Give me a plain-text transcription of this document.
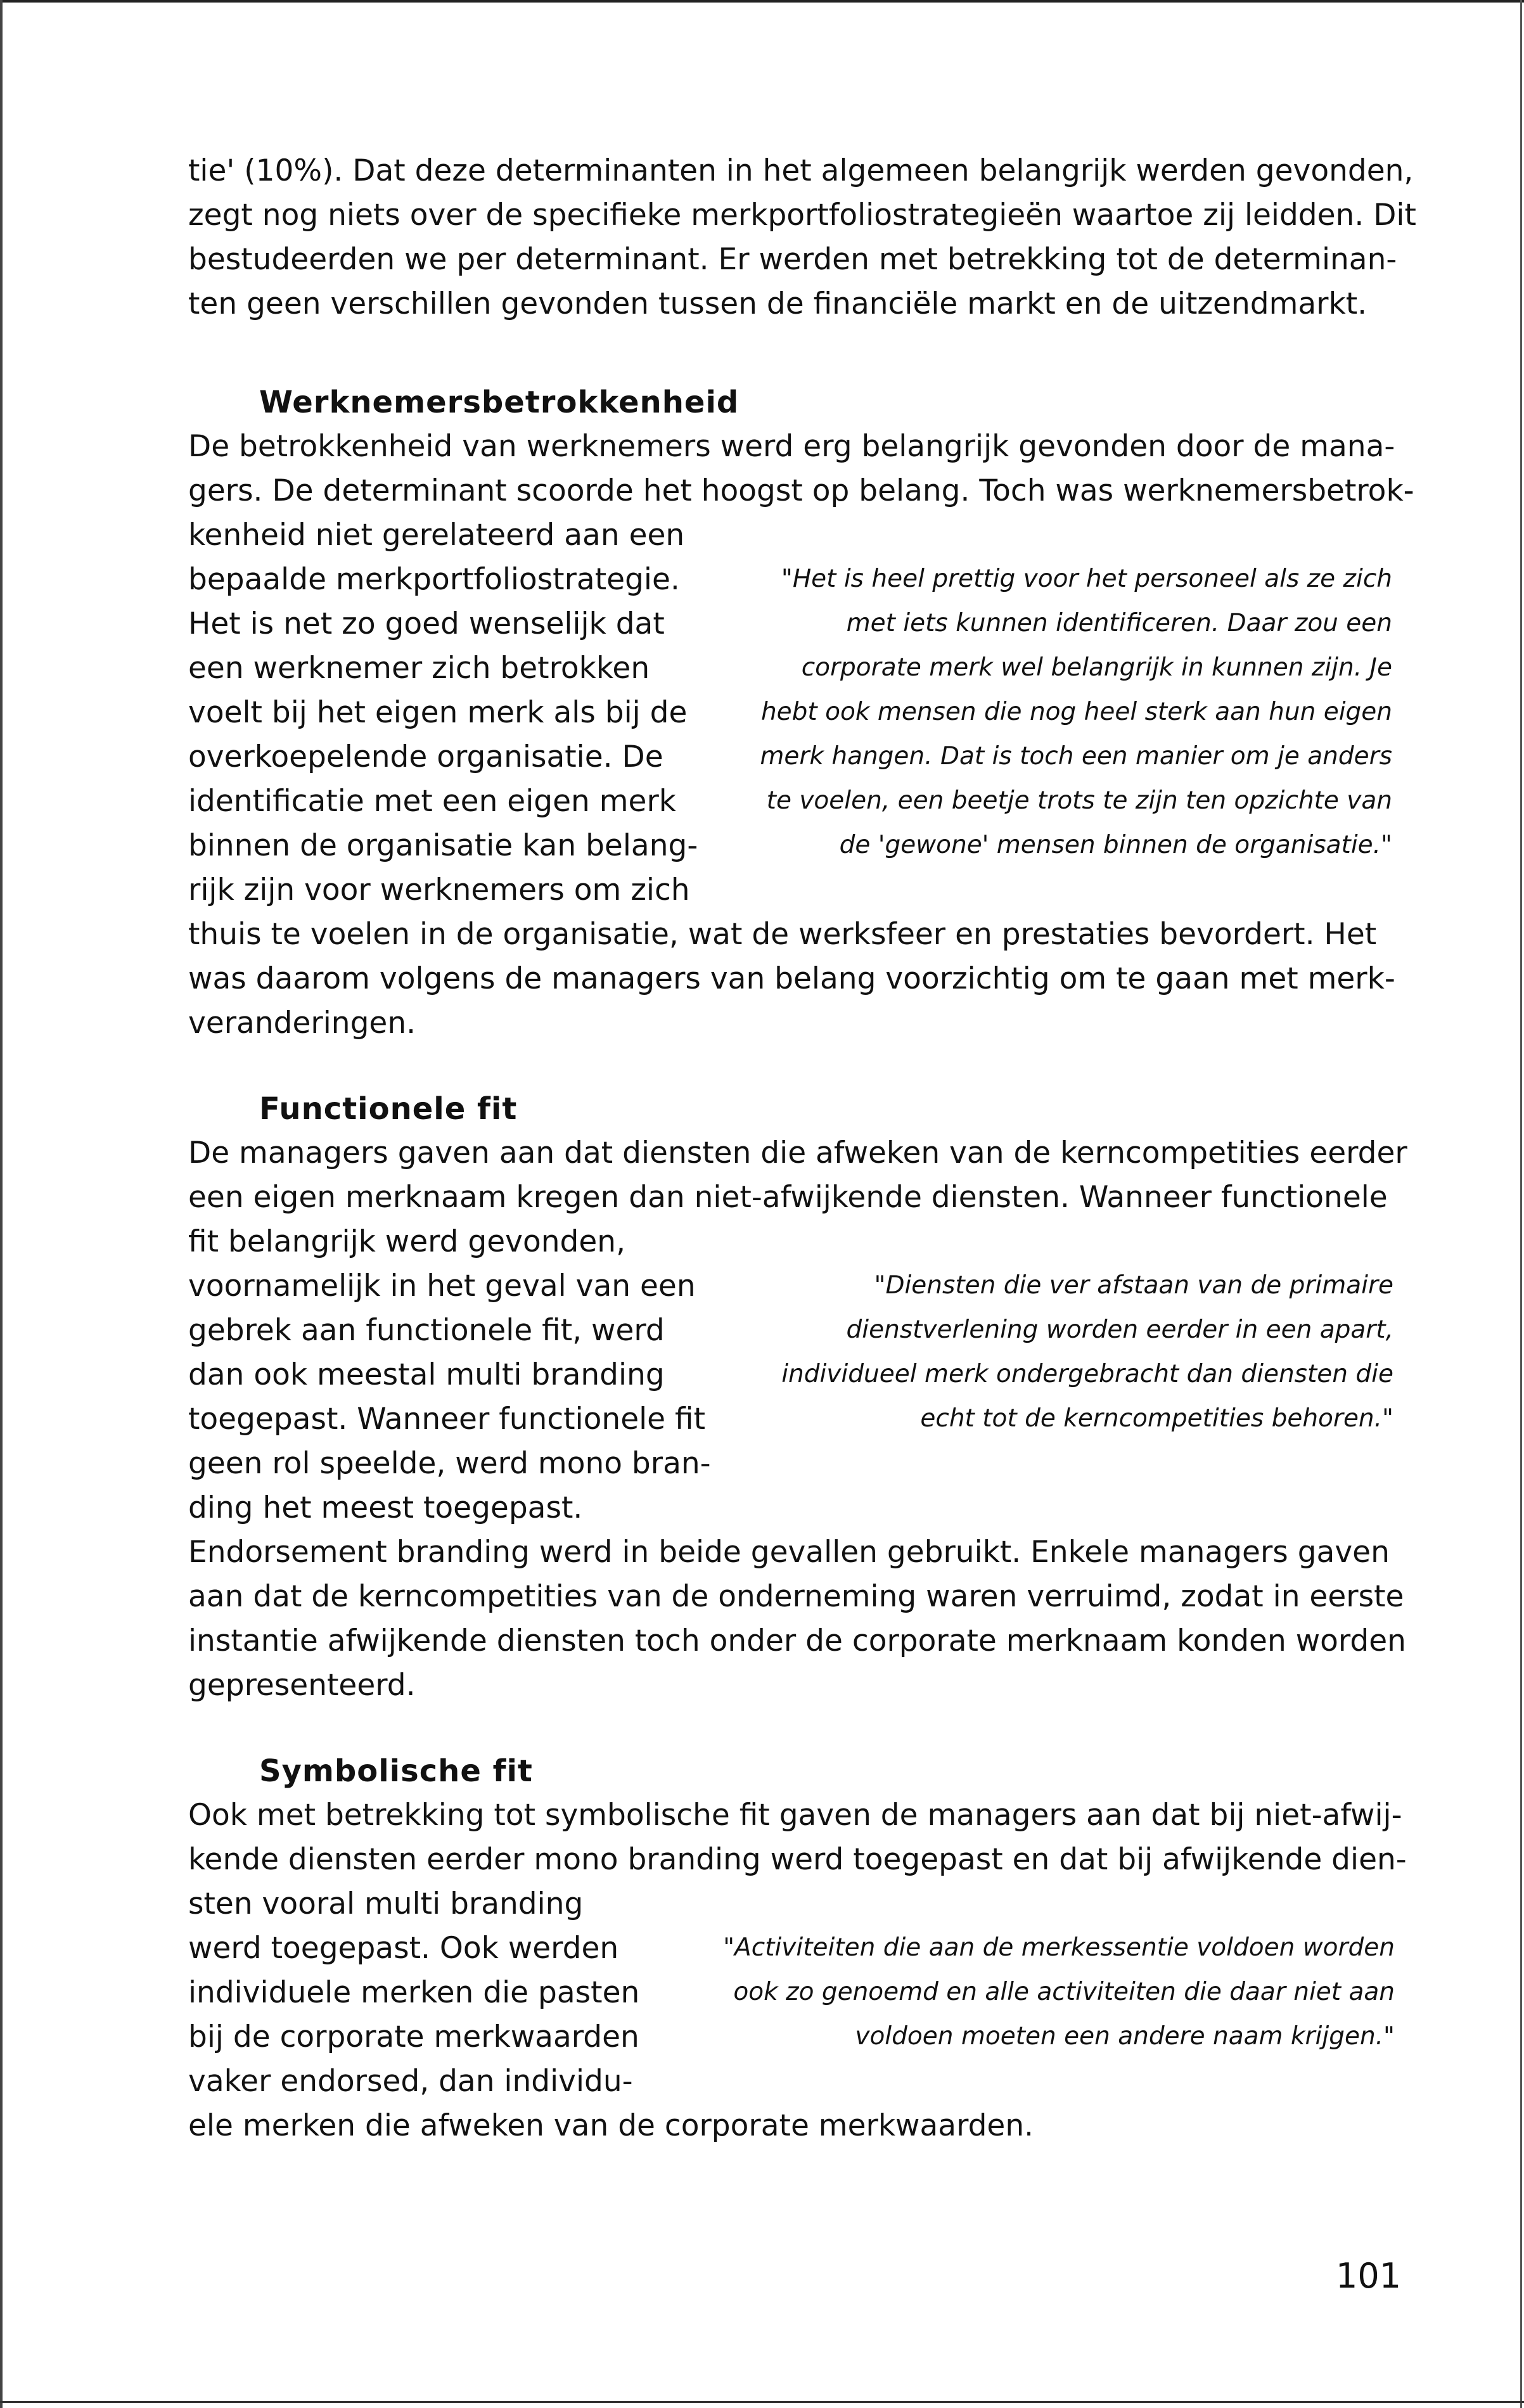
tie' (10%). Dat deze determinanten in het algemeen belangrijk werden gevonden,
zegt nog niets over de specifieke merkportfoliostrategieën waartoe zij leidden. Dit
bestudeerden we per determinant. Er werden met betrekking tot de determinan-
ten geen verschillen gevonden tussen de financiële markt en de uitzendmarkt.
Werknemersbetrokkenheid
De betrokkenheid van werknemers werd erg belangrijk gevonden door de mana-
gers. De determinant scoorde het hoogst op belang. Toch was werknemersbetrok-
kenheid niet gerelateerd aan een
bepaalde merkportfoliostrategie.
Het is net zo goed wenselijk dat
een werknemer zich betrokken
voelt bij het eigen merk als bij de
overkoepelende organisatie. De
identificatie met een eigen merk
binnen de organisatie kan belang-
rijk zijn voor werknemers om zich
thuis te voelen in de organisatie, wat de werksfeer en prestaties bevordert. Het
was daarom volgens de managers van belang voorzichtig om te gaan met merk-
veranderingen.
"Het is heel prettig voor het personeel als ze zich
met iets kunnen identificeren. Daar zou een
corporate merk wel belangrijk in kunnen zijn. Je
hebt ook mensen die nog heel sterk aan hun eigen
merk hangen. Dat is toch een manier om je anders
te voelen, een beetje trots te zijn ten opzichte van
de 'gewone' mensen binnen de organisatie."
Functionele fit
De managers gaven aan dat diensten die afweken van de kerncompetities eerder
een eigen merknaam kregen dan niet-afwijkende diensten. Wanneer functionele
fit belangrijk werd gevonden,
voornamelijk in het geval van een
gebrek aan functionele fit, werd
dan ook meestal multi branding
toegepast. Wanneer functionele fit
geen rol speelde, werd mono bran-
ding het meest toegepast.
Endorsement branding werd in beide gevallen gebruikt. Enkele managers gaven
aan dat de kerncompetities van de onderneming waren verruimd, zodat in eerste
instantie afwijkende diensten toch onder de corporate merknaam konden worden
gepresenteerd.
"Diensten die ver afstaan van de primaire
dienstverlening worden eerder in een apart,
individueel merk ondergebracht dan diensten die
echt tot de kerncompetities behoren."
Symbolische fit
Ook met betrekking tot symbolische fit gaven de managers aan dat bij niet-afwij-
kende diensten eerder mono branding werd toegepast en dat bij afwijkende dien-
sten vooral multi branding
werd toegepast. Ook werden
individuele merken die pasten
bij de corporate merkwaarden
vaker endorsed, dan individu-
ele merken die afweken van de corporate merkwaarden.
"Activiteiten die aan de merkessentie voldoen worden
ook zo genoemd en alle activiteiten die daar niet aan
voldoen moeten een andere naam krijgen."
101
